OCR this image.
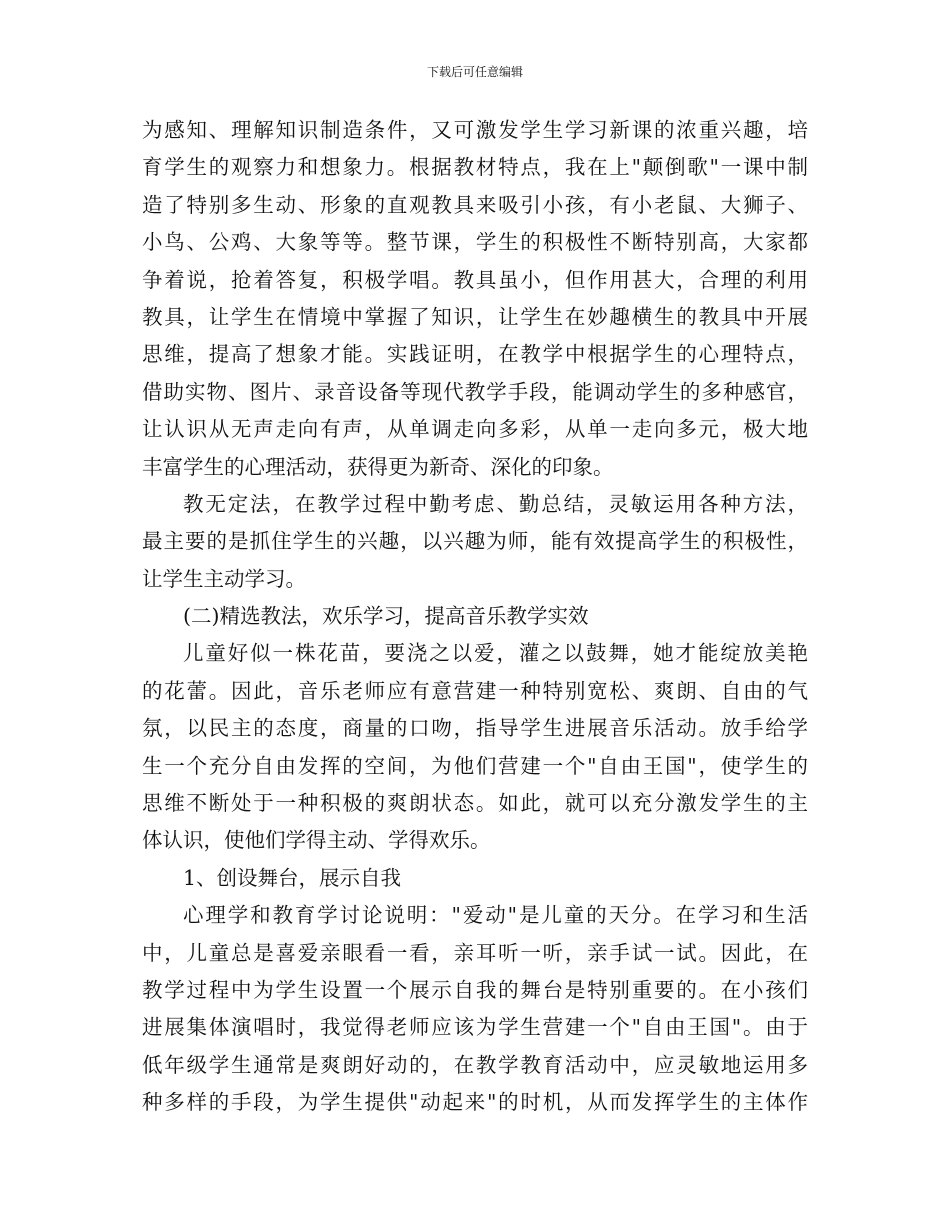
下载后可任意编辑
为感知、理解知识制造条件，又可激发学生学习新课的浓重兴趣，培
育学生的观察力和想象力。根据教材特点，我在上"颠倒歌"一课中制
造了特别多生动、形象的直观教具来吸引小孩，有小老鼠、大狮子、
小鸟、公鸡、大象等等。整节课，学生的积极性不断特别高，大家都
争着说，抢着答复，积极学唱。教具虽小，但作用甚大，合理的利用
教具，让学生在情境中掌握了知识，让学生在妙趣横生的教具中开展
思维，提高了想象才能。实践证明，在教学中根据学生的心理特点，
借助实物、图片、录音设备等现代教学手段，能调动学生的多种感官，
让认识从无声走向有声，从单调走向多彩，从单一走向多元，极大地
丰富学生的心理活动，获得更为新奇、深化的印象。
教无定法，在教学过程中勤考虑、勤总结，灵敏运用各种方法，
最主要的是抓住学生的兴趣，以兴趣为师，能有效提高学生的积极性，
让学生主动学习。
(二)精选教法，欢乐学习，提高音乐教学实效
儿童好似一株花苗，要浇之以爱，灌之以鼓舞，她才能绽放美艳
的花蕾。因此，音乐老师应有意营建一种特别宽松、爽朗、自由的气
氛，以民主的态度，商量的口吻，指导学生进展音乐活动。放手给学
生一个充分自由发挥的空间，为他们营建一个"自由王国"，使学生的
思维不断处于一种积极的爽朗状态。如此，就可以充分激发学生的主
体认识，使他们学得主动、学得欢乐。
1、创设舞台，展示自我
心理学和教育学讨论说明："爱动"是儿童的天分。在学习和生活
中，儿童总是喜爱亲眼看一看，亲耳听一听，亲手试一试。因此，在
教学过程中为学生设置一个展示自我的舞台是特别重要的。在小孩们
进展集体演唱时，我觉得老师应该为学生营建一个"自由王国"。由于
低年级学生通常是爽朗好动的，在教学教育活动中，应灵敏地运用多
种多样的手段，为学生提供"动起来"的时机，从而发挥学生的主体作
